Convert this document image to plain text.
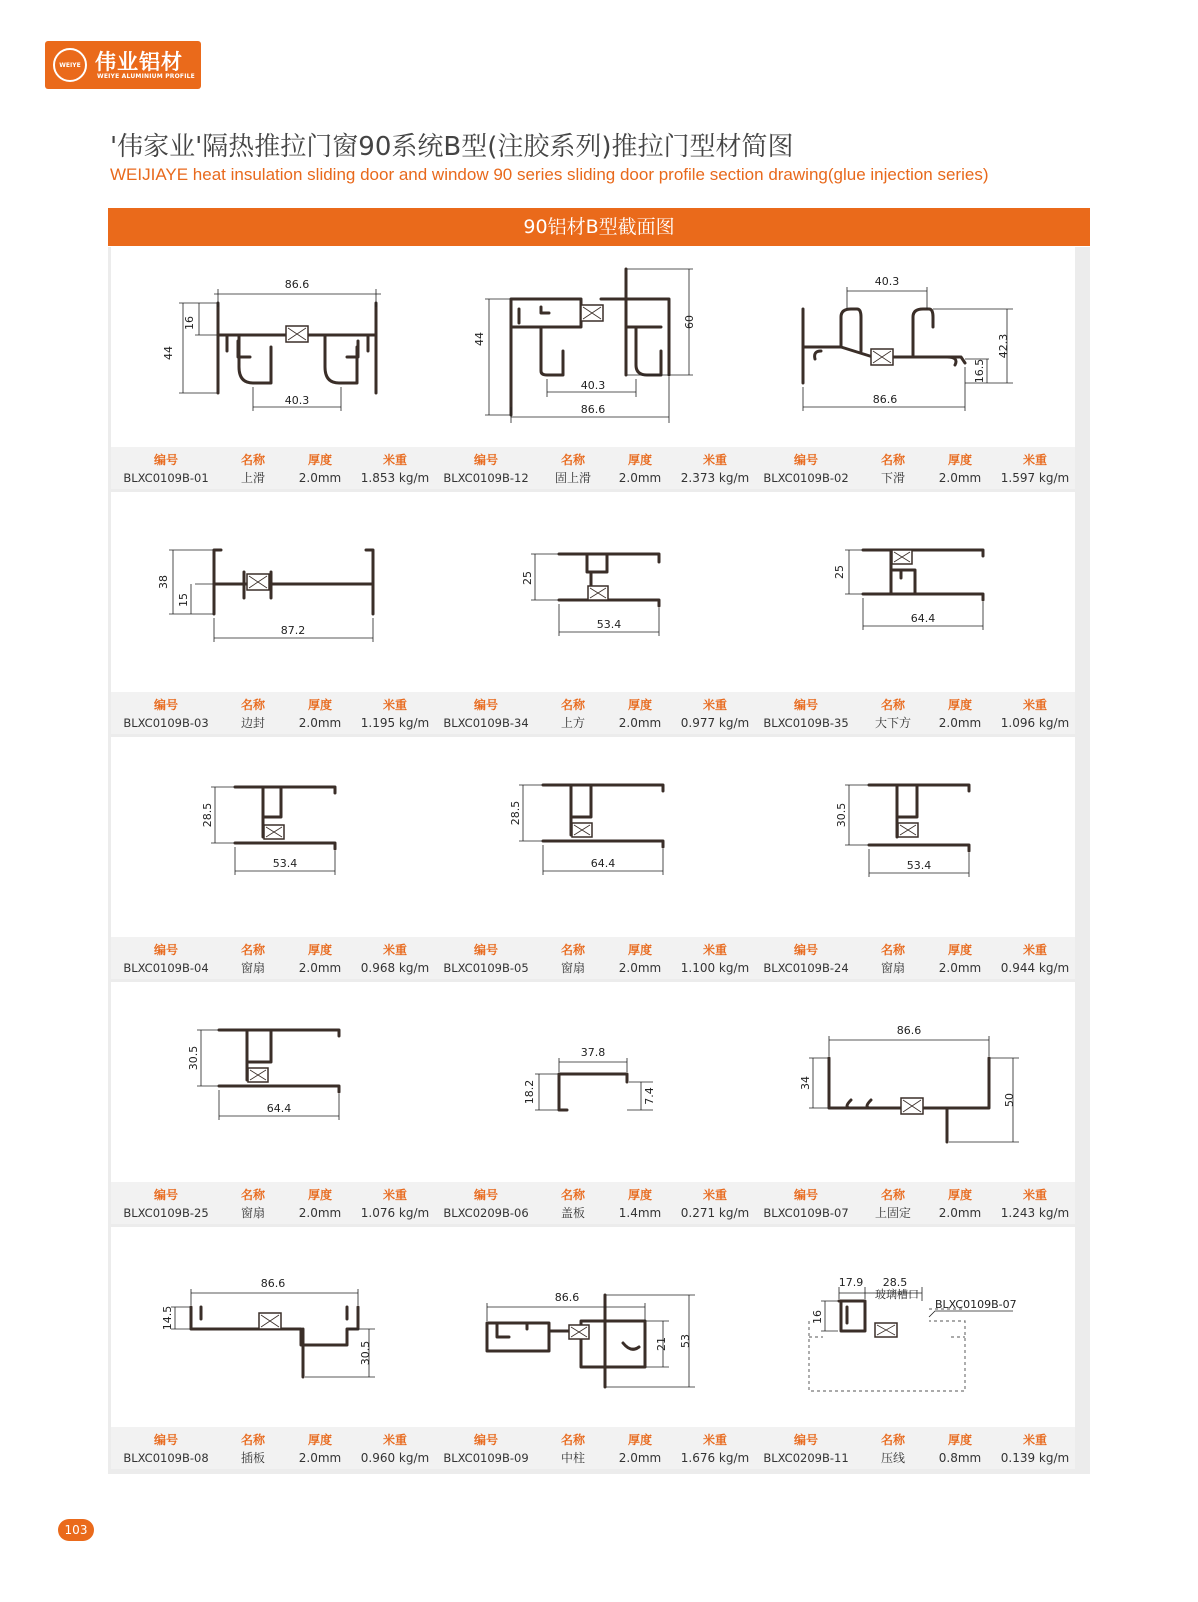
WEIYE 伟业铝材
WEIYE ALUMINIUM PROFILE
'伟家业'隔热推拉门窗90系统B型(注胶系列)推拉门型材简图
WEIJIAYE heat insulation sliding door and window 90 series sliding door profile section drawing(glue injection series)
90铝材B型截面图
86.6
44
16
40.3
编号
BLXC0109B-01
名称
上滑
厚度
2.0mm
米重
1.853 kg/m
44
60
40.3
86.6
编号
BLXC0109B-12
名称
固上滑
厚度
2.0mm
米重
2.373 kg/m
40.3
42.3
16.5
86.6
编号
BLXC0109B-02
名称
下滑
厚度
2.0mm
米重
1.597 kg/m
38
15
87.2
编号
BLXC0109B-03
名称
边封
厚度
2.0mm
米重
1.195 kg/m
25
53.4
编号
BLXC0109B-34
名称
上方
厚度
2.0mm
米重
0.977 kg/m
25
64.4
编号
BLXC0109B-35
名称
大下方
厚度
2.0mm
米重
1.096 kg/m
28.5
53.4
编号
BLXC0109B-04
名称
窗扇
厚度
2.0mm
米重
0.968 kg/m
28.5
64.4
编号
BLXC0109B-05
名称
窗扇
厚度
2.0mm
米重
1.100 kg/m
30.5
53.4
编号
BLXC0109B-24
名称
窗扇
厚度
2.0mm
米重
0.944 kg/m
30.5
64.4
编号
BLXC0109B-25
名称
窗扇
厚度
2.0mm
米重
1.076 kg/m
37.8
18.2	7.4
编号
BLXC0209B-06
名称
盖板
厚度
1.4mm
米重
0.271 kg/m
86.6
34
50
编号
BLXC0109B-07
名称
上固定
厚度
2.0mm
米重
1.243 kg/m
86.6
14.5
30.5
编号
BLXC0109B-08
名称
插板
厚度
2.0mm
米重
0.960 kg/m
86.6
21 53
编号
BLXC0109B-09
名称
中柱
厚度
2.0mm
米重
1.676 kg/m
17.9 28.5
玻璃槽口
16
BLXC0109B-07
编号
BLXC0209B-11
名称
压线
厚度
0.8mm
米重
0.139 kg/m
103
